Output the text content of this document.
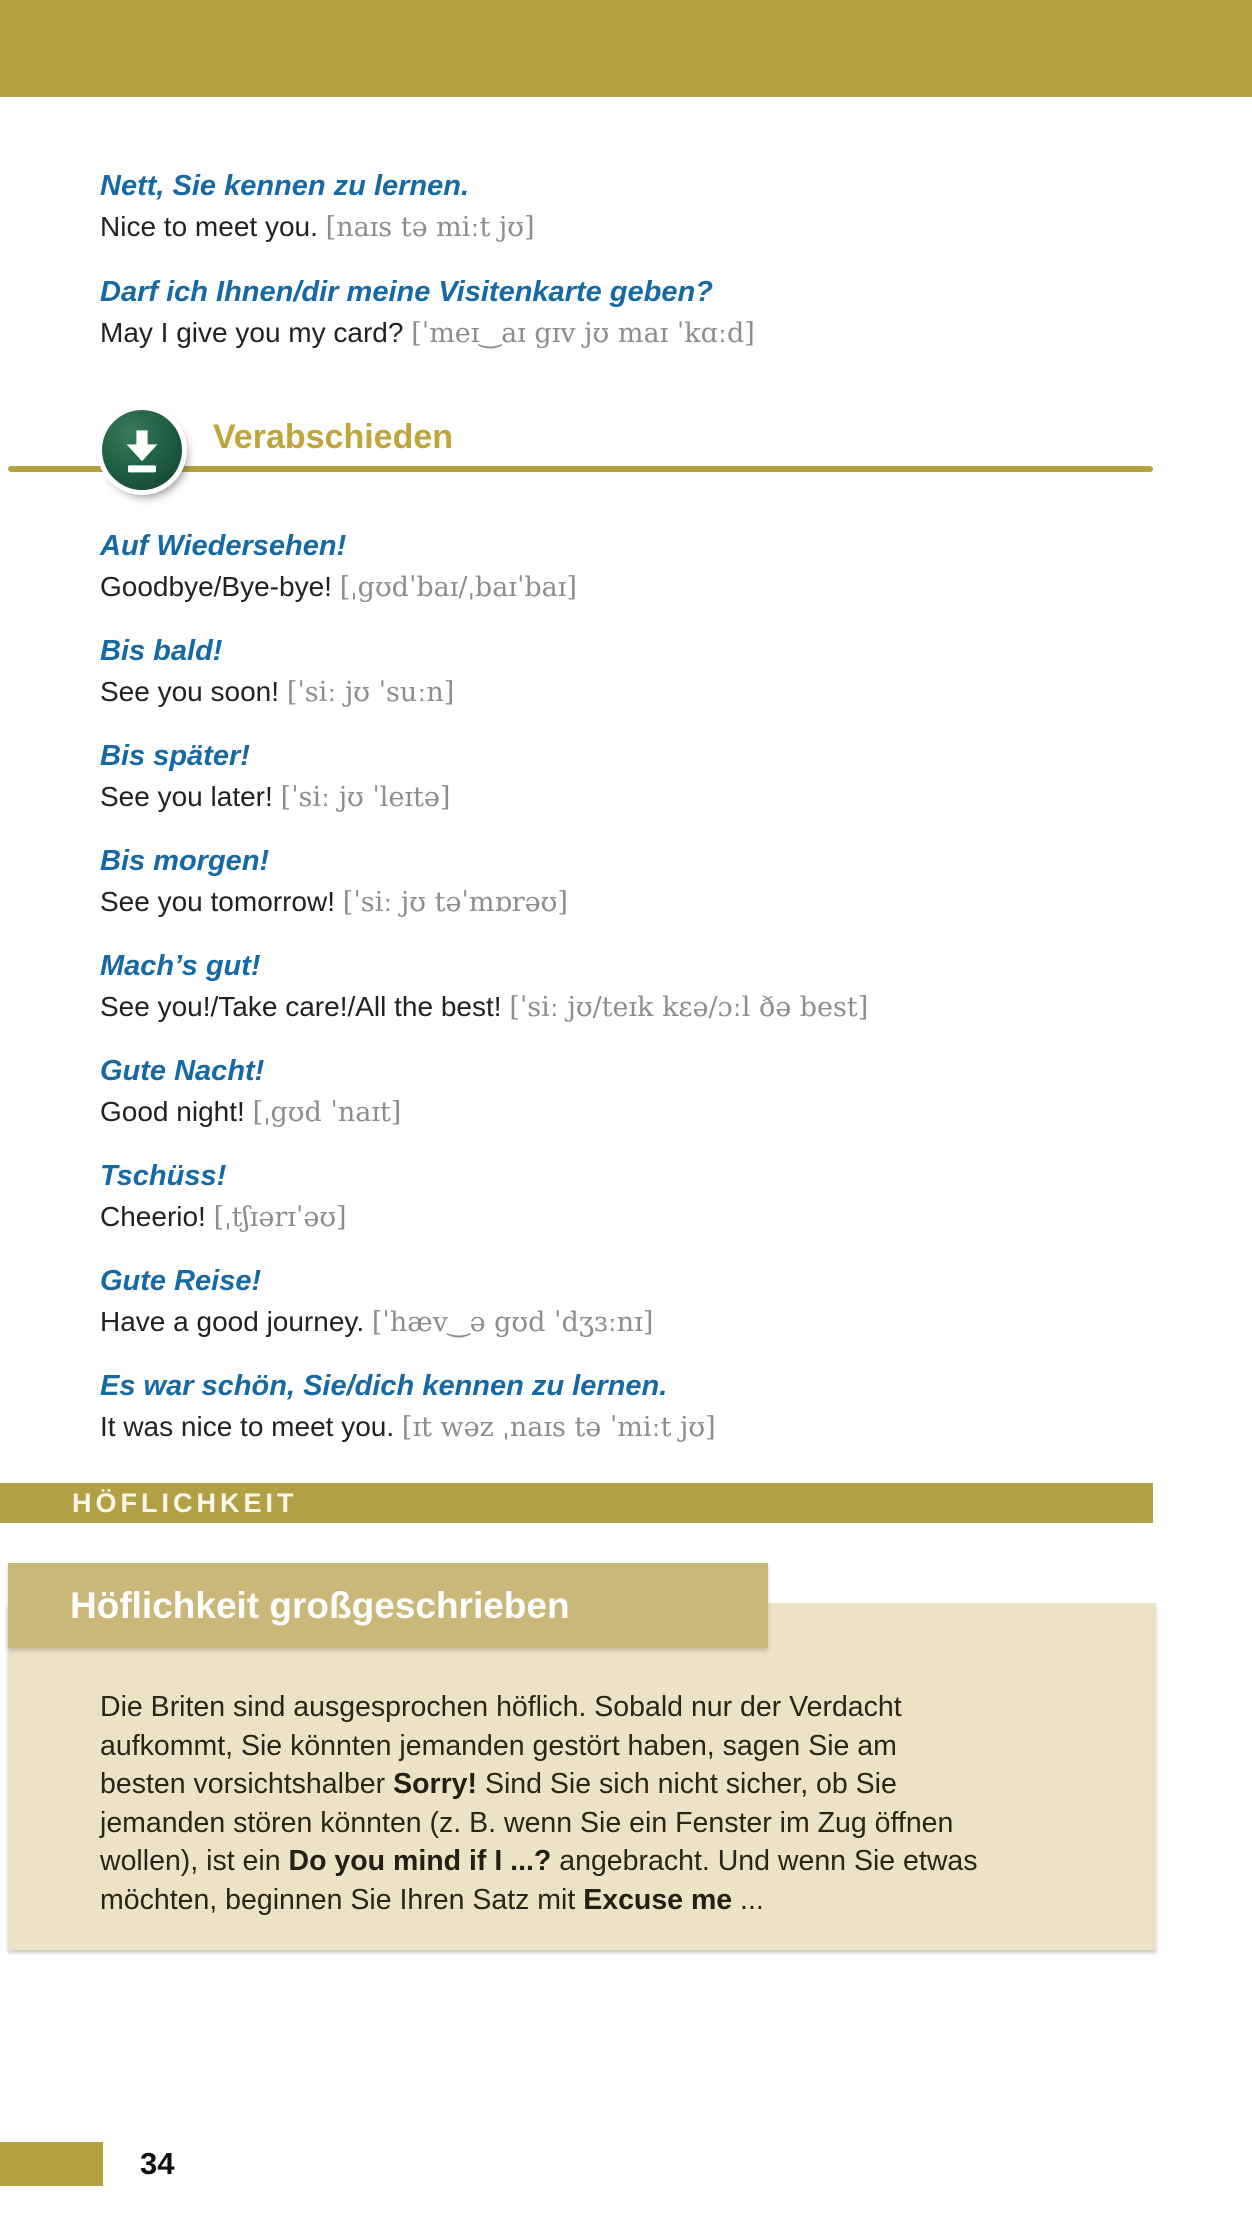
Nett, Sie kennen zu lernen.
Nice to meet you. [naɪs tə miːt jʊ]
Darf ich Ihnen/dir meine Visitenkarte geben?
May I give you my card? [ˈmeɪ‿aɪ gɪv jʊ maɪ ˈkɑːd]
Verabschieden
Auf Wiedersehen!
Goodbye/Bye-bye! [ˌgʊdˈbaɪ/ˌbaɪˈbaɪ]
Bis bald!
See you soon! [ˈsiː jʊ ˈsuːn]
Bis später!
See you later! [ˈsiː jʊ ˈleɪtə]
Bis morgen!
See you tomorrow! [ˈsiː jʊ təˈmɒrəʊ]
Mach’s gut!
See you!/Take care!/All the best! [ˈsiː jʊ/teɪk kɛə/ɔːl ðə best]
Gute Nacht!
Good night! [ˌgʊd ˈnaɪt]
Tschüss!
Cheerio! [ˌtʃɪərɪˈəʊ]
Gute Reise!
Have a good journey. [ˈhæv‿ə gʊd ˈdʒɜːnɪ]
Es war schön, Sie/dich kennen zu lernen.
It was nice to meet you. [ɪt wəz ˌnaɪs tə ˈmiːt jʊ]
HÖFLICHKEIT
Höflichkeit großgeschrieben
Die Briten sind ausgesprochen höflich. Sobald nur der Verdacht
aufkommt, Sie könnten jemanden gestört haben, sagen Sie am
besten vorsichtshalber Sorry! Sind Sie sich nicht sicher, ob Sie
jemanden stören könnten (z. B. wenn Sie ein Fenster im Zug öffnen
wollen), ist ein Do you mind if I ...? angebracht. Und wenn Sie etwas
möchten, beginnen Sie Ihren Satz mit Excuse me ...
34
